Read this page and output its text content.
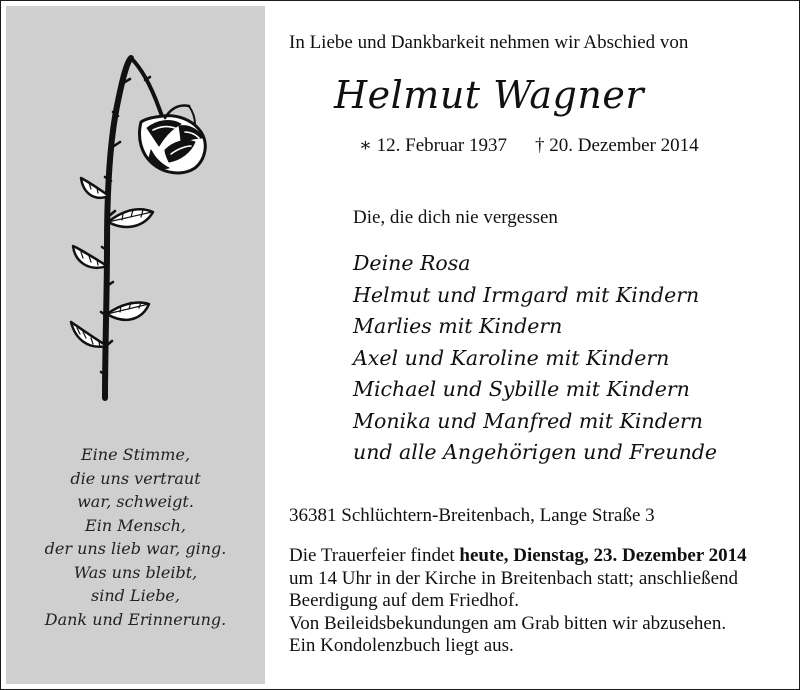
Eine Stimme,
die uns vertraut
war, schweigt.
Ein Mensch,
der uns lieb war, ging.
Was uns bleibt,
sind Liebe,
Dank und Erinnerung.
In Liebe und Dankbarkeit nehmen wir Abschied von
Helmut Wagner
∗ 12. Februar 1937 † 20. Dezember 2014
Die, die dich nie vergessen
Deine Rosa
Helmut und Irmgard mit Kindern
Marlies mit Kindern
Axel und Karoline mit Kindern
Michael und Sybille mit Kindern
Monika und Manfred mit Kindern
und alle Angehörigen und Freunde
36381 Schlüchtern-Breitenbach, Lange Straße 3
Die Trauerfeier findet heute, Dienstag, 23. Dezember 2014
um 14 Uhr in der Kirche in Breitenbach statt; anschließend
Beerdigung auf dem Friedhof.
Von Beileidsbekundungen am Grab bitten wir abzusehen.
Ein Kondolenzbuch liegt aus.
